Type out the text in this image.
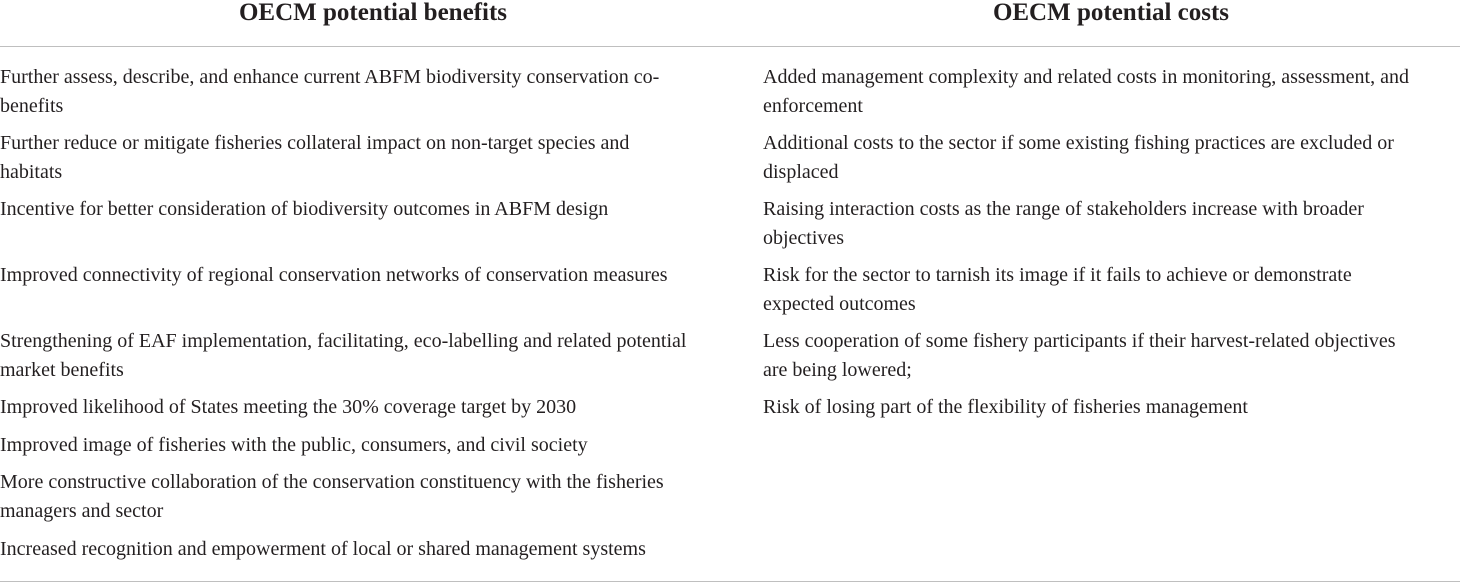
OECM potential benefits	OECM potential costs
Further assess, describe, and enhance current ABFM biodiversity conservation co-
benefits
Further reduce or mitigate fisheries collateral impact on non-target species and
habitats
Incentive for better consideration of biodiversity outcomes in ABFM design
Improved connectivity of regional conservation networks of conservation measures
Strengthening of EAF implementation, facilitating, eco-labelling and related potential
market benefits
Improved likelihood of States meeting the 30% coverage target by 2030
Improved image of fisheries with the public, consumers, and civil society
More constructive collaboration of the conservation constituency with the fisheries
managers and sector
Increased recognition and empowerment of local or shared management systems
Added management complexity and related costs in monitoring, assessment, and
enforcement
Additional costs to the sector if some existing fishing practices are excluded or
displaced
Raising interaction costs as the range of stakeholders increase with broader
objectives
Risk for the sector to tarnish its image if it fails to achieve or demonstrate
expected outcomes
Less cooperation of some fishery participants if their harvest-related objectives
are being lowered;
Risk of losing part of the flexibility of fisheries management
